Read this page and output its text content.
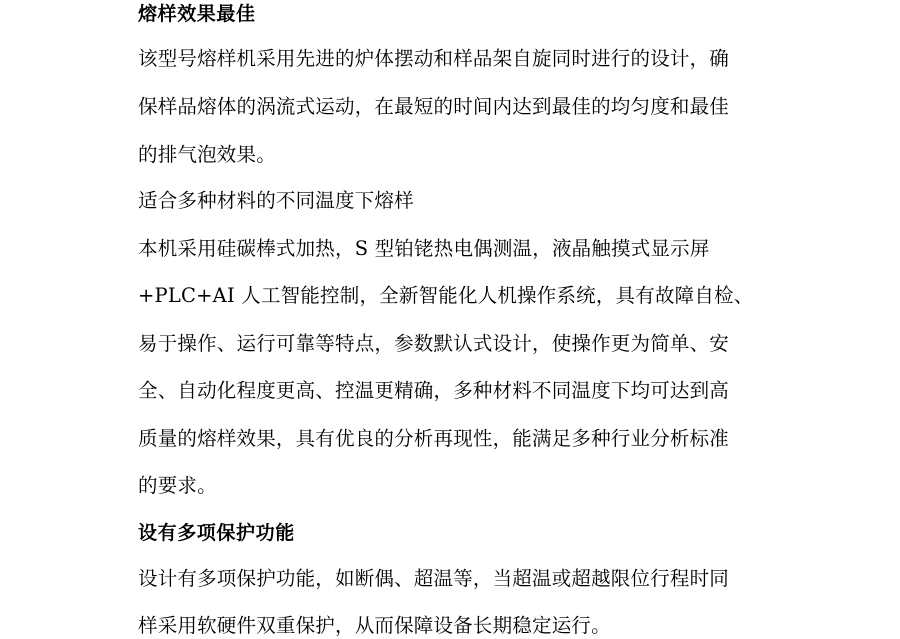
熔样效果最佳

该型号熔样机采用先进的炉体摆动和样品架自旋同时进行的设计，确

保样品熔体的涡流式运动，在最短的时间内达到最佳的均匀度和最佳

的排气泡效果。

适合多种材料的不同温度下熔样

本机采用硅碳棒式加热，S 型铂铑热电偶测温，液晶触摸式显示屏

+PLC+AI 人工智能控制，全新智能化人机操作系统，具有故障自检、

易于操作、运行可靠等特点，参数默认式设计，使操作更为简单、安

全、自动化程度更高、控温更精确，多种材料不同温度下均可达到高

质量的熔样效果，具有优良的分析再现性，能满足多种行业分析标准

的要求。

设有多项保护功能

设计有多项保护功能，如断偶、超温等，当超温或超越限位行程时同

样采用软硬件双重保护，从而保障设备长期稳定运行。
